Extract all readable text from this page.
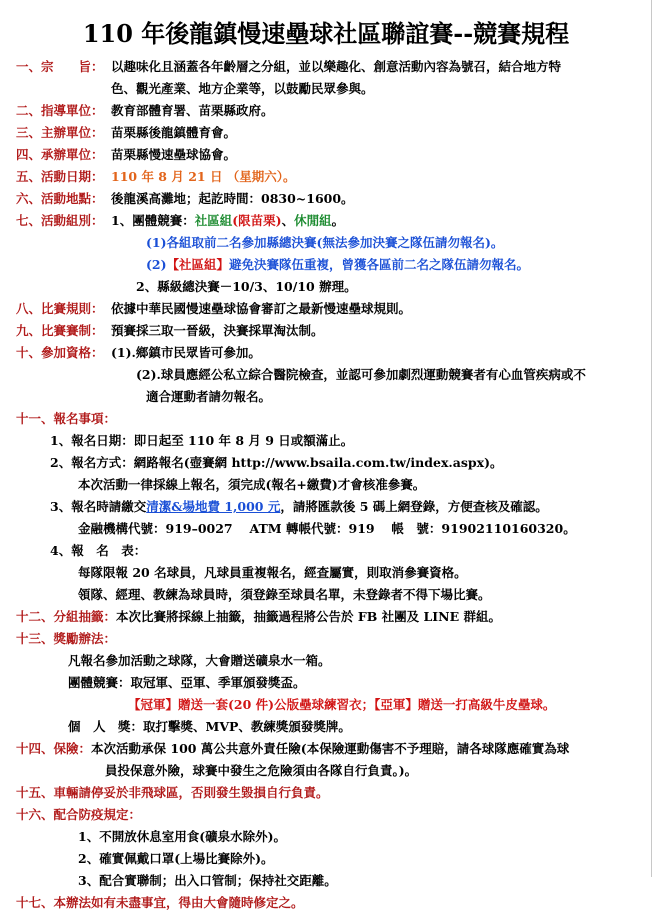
110 年後龍鎮慢速壘球社區聯誼賽--競賽規程
一、宗　　旨： 以趣味化且涵蓋各年齡層之分組，並以樂趣化、創意活動內容為號召，結合地方特
色、觀光產業、地方企業等，以鼓勵民眾參與。
二、指導單位： 教育部體育署、苗栗縣政府。
三、主辦單位： 苗栗縣後龍鎮體育會。
四、承辦單位： 苗栗縣慢速壘球協會。
五、活動日期： 110 年 8 月 21 日 （星期六）。
六、活動地點： 後龍溪高灘地；起訖時間：0830~1600。
七、活動組別： 1、團體競賽：社區組(限苗栗)、休閒組。
(1)各組取前二名參加縣總決賽(無法參加決賽之隊伍請勿報名)。
(2)【社區組】避免決賽隊伍重複，曾獲各區前二名之隊伍請勿報名。
2、縣級總決賽－10/3、10/10 辦理。
八、比賽規則： 依據中華民國慢速壘球協會審訂之最新慢速壘球規則。
九、比賽賽制： 預賽採三取一晉級，決賽採單淘汰制。
十、參加資格： (1).鄉鎮市民眾皆可參加。
(2).球員應經公私立綜合醫院檢查，並認可參加劇烈運動競賽者有心血管疾病或不
適合運動者請勿報名。
十一、報名事項：
1、報名日期：即日起至 110 年 8 月 9 日或額滿止。
2、報名方式：網路報名(壺賽網 http://www.bsaila.com.tw/index.aspx)。
本次活動一律採線上報名，須完成(報名+繳費)才會核准參賽。
3、報名時請繳交清潔&場地費 1,000 元，請將匯款後 5 碼上網登錄，方便查核及確認。
金融機構代號：919–0027　 ATM 轉帳代號：919　 帳　號：91902110160320。
4、報　名　表：
每隊限報 20 名球員，凡球員重複報名，經查屬實，則取消參賽資格。
領隊、經理、教練為球員時，須登錄至球員名單，未登錄者不得下場比賽。
十二、分組抽籤：本次比賽將採線上抽籤，抽籤過程將公告於 FB 社團及 LINE 群組。
十三、獎勵辦法：
凡報名參加活動之球隊，大會贈送礦泉水一箱。
團體競賽：取冠軍、亞軍、季軍頒發獎盃。
【冠軍】贈送一套(20 件)公版壘球練習衣；【亞軍】贈送一打高級牛皮壘球。
個　人　獎：取打擊獎、MVP、教練獎頒發獎牌。
十四、保險：本次活動承保 100 萬公共意外責任險(本保險運動傷害不予理賠，請各球隊應確實為球
員投保意外險，球賽中發生之危險須由各隊自行負責。)。
十五、車輛請停妥於非飛球區，否則發生毀損自行負責。
十六、配合防疫規定：
1、不開放休息室用食(礦泉水除外)。
2、確實佩戴口罩(上場比賽除外)。
3、配合實聯制；出入口管制；保持社交距離。
十七、本辦法如有未盡事宜，得由大會隨時修定之。
